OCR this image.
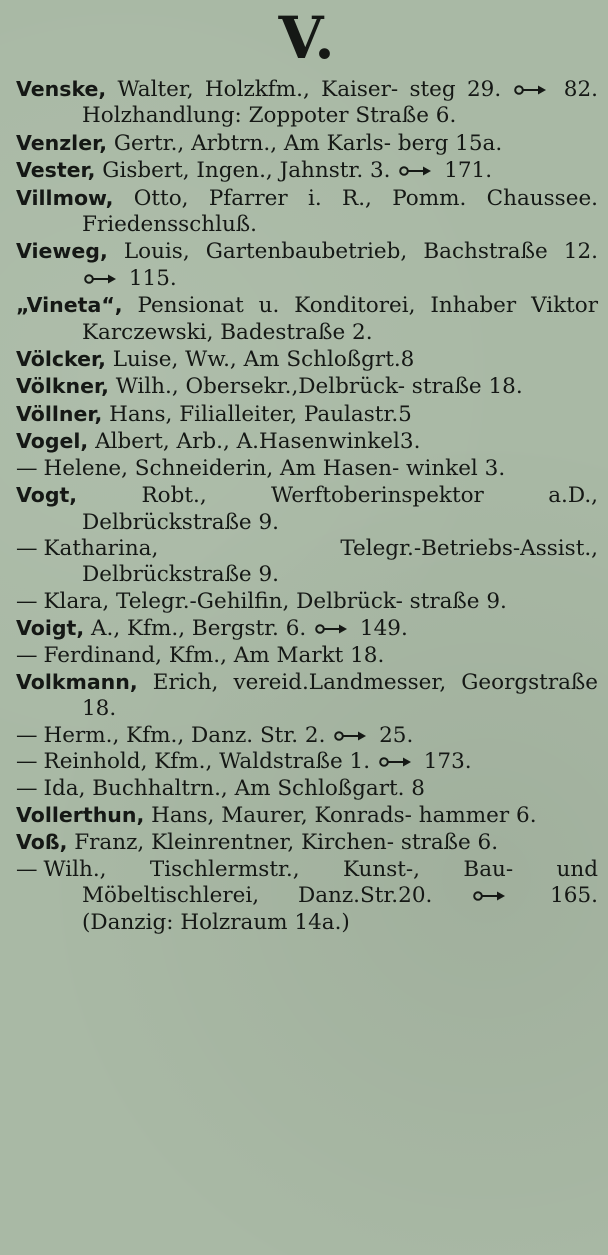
V.

Venske, Walter, Holzkfm., Kaiser- steg 29.
82. Holzhandlung: Zoppoter Straße 6.

Venzler, Gertr., Arbtrn., Am Karls- berg 15a.

Vester, Gisbert, Ingen., Jahnstr. 3.
171.

Villmow, Otto, Pfarrer i. R., Pomm. Chaussee. Friedensschluß.

Vieweg, Louis, Gartenbaubetrieb, Bachstraße 12.
115.

„Vineta“, Pensionat u. Konditorei, Inhaber Viktor Karczewski, Badestraße 2.

Völcker, Luise, Ww., Am Schloßgrt.8

Völkner, Wilh., Obersekr.,Delbrück- straße 18.

Völlner, Hans, Filialleiter, Paulastr.5

Vogel, Albert, Arb., A.Hasenwinkel3.

— Helene, Schneiderin, Am Hasen- winkel 3.

Vogt, Robt., Werftoberinspektor a.D., Delbrückstraße 9.

— Katharina, Telegr.-Betriebs-Assist., Delbrückstraße 9.

— Klara, Telegr.-Gehilfin, Delbrück- straße 9.

Voigt, A., Kfm., Bergstr. 6.
149.

— Ferdinand, Kfm., Am Markt 18.

Volkmann, Erich, vereid.Landmesser, Georgstraße 18.

— Herm., Kfm., Danz. Str. 2.
25.

— Reinhold, Kfm., Waldstraße 1.
173.

— Ida, Buchhaltrn., Am Schloßgart. 8

Vollerthun, Hans, Maurer, Konrads- hammer 6.

Voß, Franz, Kleinrentner, Kirchen- straße 6.

— Wilh., Tischlermstr., Kunst-, Bau- und Möbeltischlerei, Danz.Str.20.	165. (Danzig: Holzraum 14a.)
